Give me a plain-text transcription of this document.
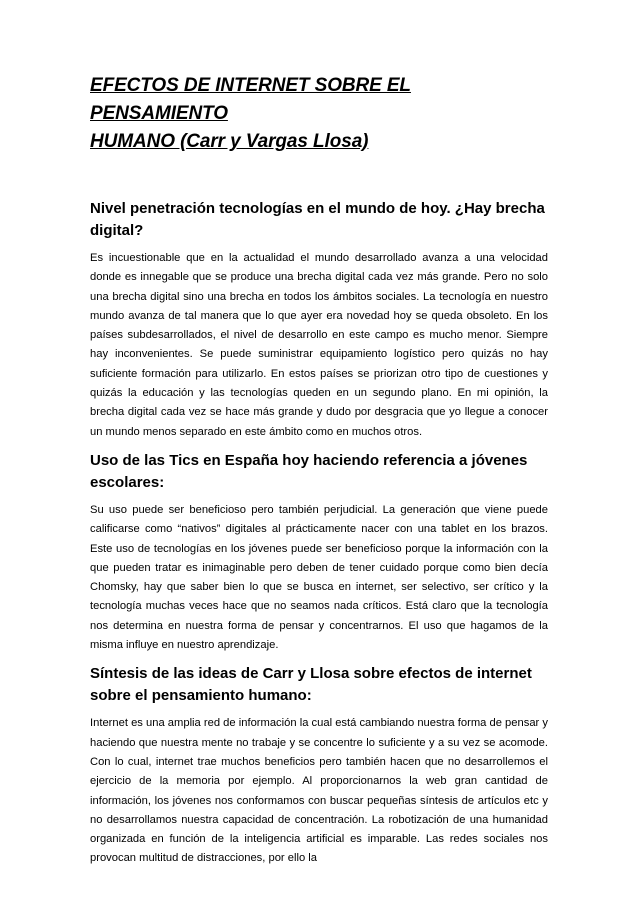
EFECTOS DE INTERNET SOBRE EL PENSAMIENTO
HUMANO (Carr y Vargas Llosa)
Nivel penetración tecnologías en el mundo de hoy. ¿Hay brecha digital?

Es incuestionable que en la actualidad el mundo desarrollado avanza a una velocidad donde es innegable que se produce una brecha digital cada vez más grande. Pero no solo una brecha digital sino una brecha en todos los ámbitos sociales. La tecnología en nuestro mundo avanza de tal manera que lo que ayer era novedad hoy se queda obsoleto. En los países subdesarrollados, el nivel de desarrollo en este campo es mucho menor. Siempre hay inconvenientes. Se puede suministrar equipamiento logístico pero quizás no hay suficiente formación para utilizarlo. En estos países se priorizan otro tipo de cuestiones y quizás la educación y las tecnologías queden en un segundo plano. En mi opinión, la brecha digital cada vez se hace más grande y dudo por desgracia que yo llegue a conocer un mundo menos separado en este ámbito como en muchos otros.

Uso de las Tics en España hoy haciendo referencia a jóvenes escolares:

Su uso puede ser beneficioso pero también perjudicial. La generación que viene puede calificarse como “nativos” digitales al prácticamente nacer con una tablet en los brazos. Este uso de tecnologías en los jóvenes puede ser beneficioso porque la información con la que pueden tratar es inimaginable pero deben de tener cuidado porque como bien decía Chomsky, hay que saber bien lo que se busca en internet, ser selectivo, ser crítico y la tecnología muchas veces hace que no seamos nada críticos. Está claro que la tecnología nos determina en nuestra forma de pensar y concentrarnos. El uso que hagamos de la misma influye en nuestro aprendizaje.

Síntesis de las ideas de Carr y Llosa sobre efectos de internet sobre el pensamiento humano:

Internet es una amplia red de información la cual está cambiando nuestra forma de pensar y haciendo que nuestra mente no trabaje y se concentre lo suficiente y a su vez se acomode. Con lo cual, internet trae muchos beneficios pero también hacen que no desarrollemos el ejercicio de la memoria por ejemplo. Al proporcionarnos la web gran cantidad de información, los jóvenes nos conformamos con buscar pequeñas síntesis de artículos etc y no desarrollamos nuestra capacidad de concentración. La robotización de una humanidad organizada en función de la inteligencia artificial es imparable. Las redes sociales nos provocan multitud de distracciones, por ello la
